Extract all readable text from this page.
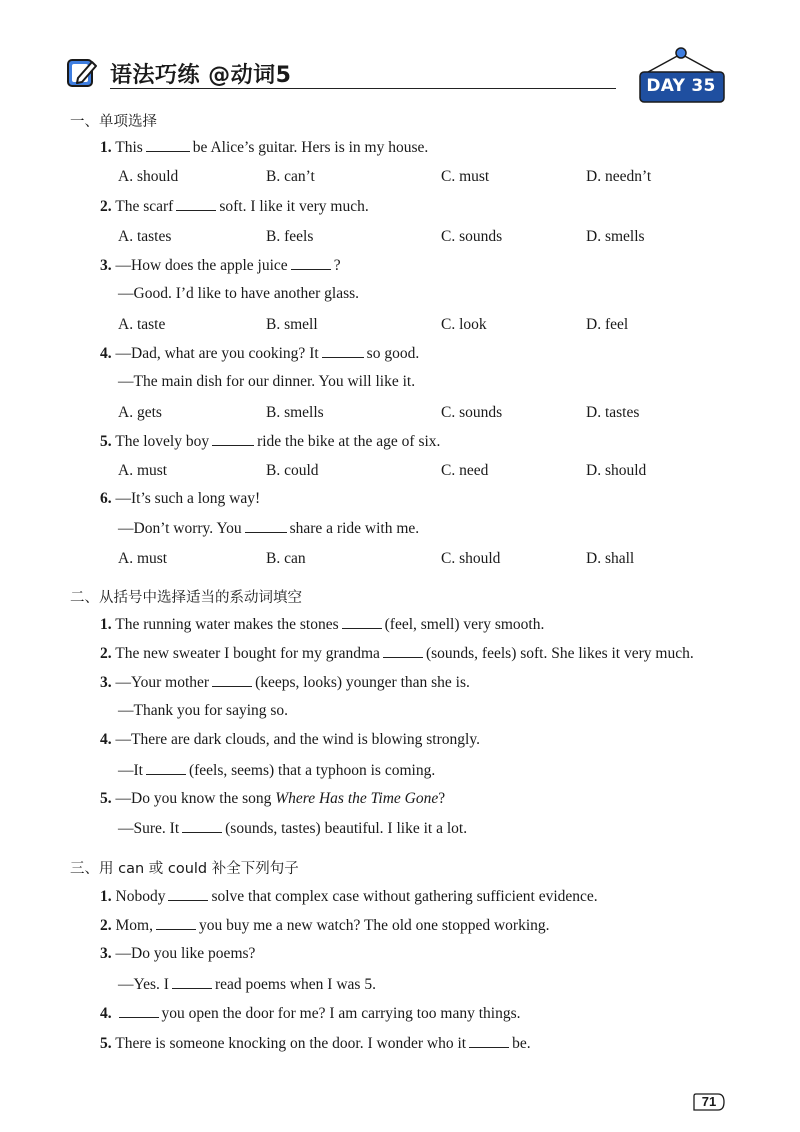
语法巧练 @动词5	DAY 35
一、单项选择
1. This	be Alice’s guitar. Hers is in my house.
A. should	B. can’t	C. must	D. needn’t
2. The scarf	soft. I like it very much.
A. tastes	B. feels	C. sounds	D. smells
3. —How does the apple juice	?
—Good. I’d like to have another glass.
A. taste	B. smell	C. look	D. feel
4. —Dad, what are you cooking? It	so good.
—The main dish for our dinner. You will like it.
A. gets	B. smells	C. sounds	D. tastes
5. The lovely boy	ride the bike at the age of six.
A. must	B. could	C. need	D. should
6. —It’s such a long way!
—Don’t worry. You	share a ride with me.
A. must	B. can	C. should	D. shall
二、从括号中选择适当的系动词填空
1. The running water makes the stones	(feel, smell) very smooth.
2. The new sweater I bought for my grandma	(sounds, feels) soft. She likes it very much.
3. —Your mother	(keeps, looks) younger than she is.
—Thank you for saying so.
4. —There are dark clouds, and the wind is blowing strongly.
—It	(feels, seems) that a typhoon is coming.
5. —Do you know the song Where Has the Time Gone?
—Sure. It	(sounds, tastes) beautiful. I like it a lot.
三、用 can 或 could 补全下列句子
1. Nobody	solve that complex case without gathering sufficient evidence.
2. Mom,	you buy me a new watch? The old one stopped working.
3. —Do you like poems?
—Yes. I	read poems when I was 5.
4.	you open the door for me? I am carrying too many things.
5. There is someone knocking on the door. I wonder who it	be.
71
